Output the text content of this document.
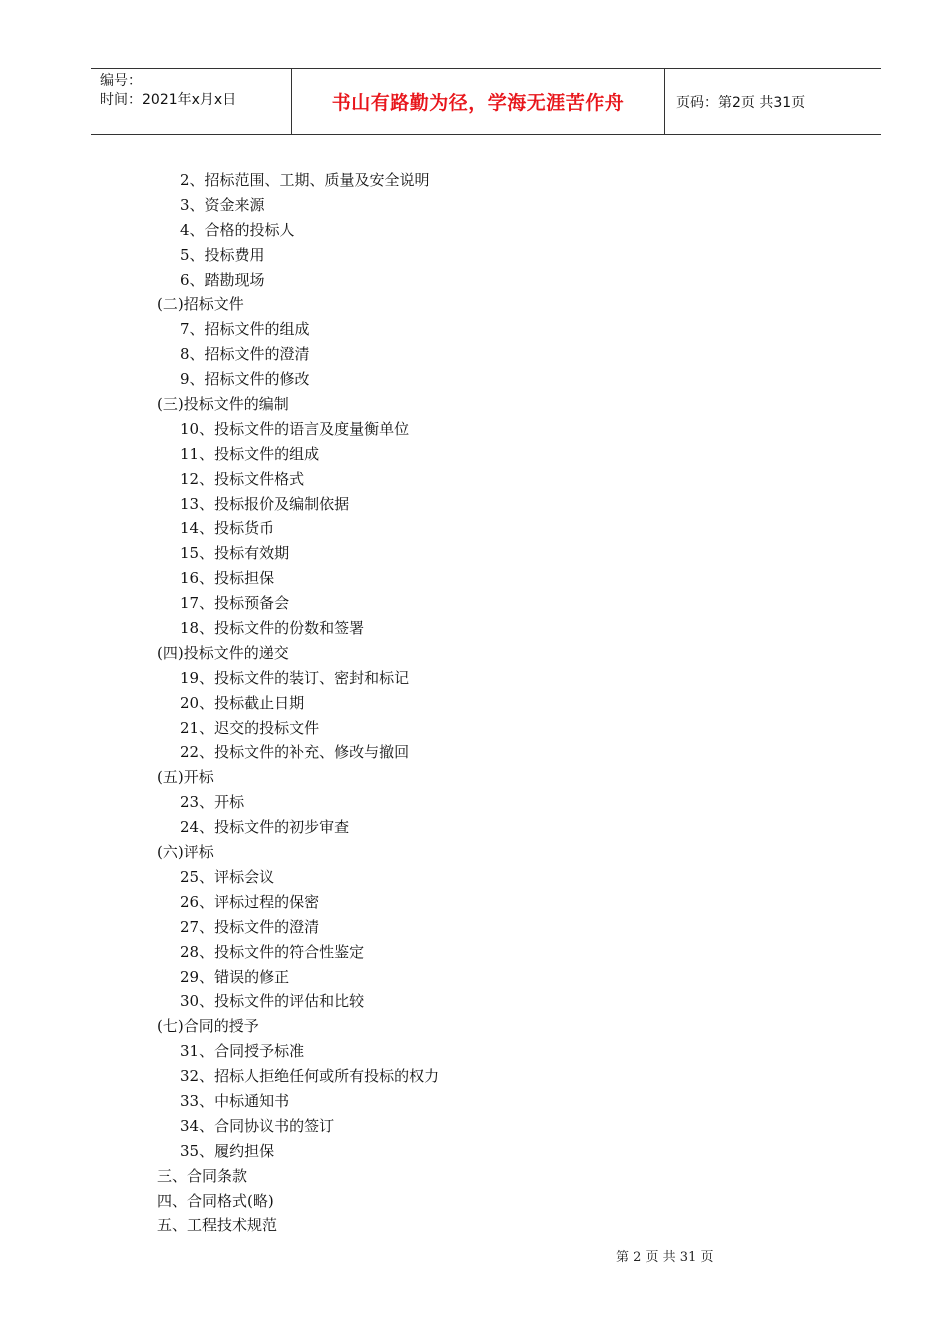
编号：
时间：2021年x月x日	书山有路勤为径，学海无涯苦作舟	页码：第2页 共31页
2、招标范围、工期、质量及安全说明
3、资金来源
4、合格的投标人
5、投标费用
6、踏勘现场
(二)招标文件
7、招标文件的组成
8、招标文件的澄清
9、招标文件的修改
(三)投标文件的编制
10、投标文件的语言及度量衡单位
11、投标文件的组成
12、投标文件格式
13、投标报价及编制依据
14、投标货币
15、投标有效期
16、投标担保
17、投标预备会
18、投标文件的份数和签署
(四)投标文件的递交
19、投标文件的装订、密封和标记
20、投标截止日期
21、迟交的投标文件
22、投标文件的补充、修改与撤回
(五)开标
23、开标
24、投标文件的初步审查
(六)评标
25、评标会议
26、评标过程的保密
27、投标文件的澄清
28、投标文件的符合性鉴定
29、错误的修正
30、投标文件的评估和比较
(七)合同的授予
31、合同授予标准
32、招标人拒绝任何或所有投标的权力
33、中标通知书
34、合同协议书的签订
35、履约担保
三、合同条款
四、合同格式(略)
五、工程技术规范
第 2 页 共 31 页
